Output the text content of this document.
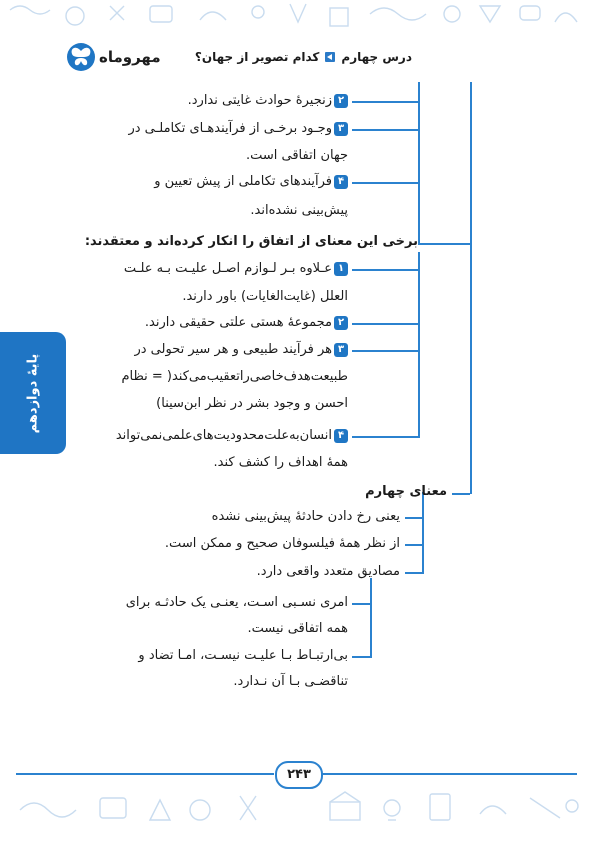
مهروماه	درس چهارم
کدام تصویر از جهان؟
پایهٔ دوازدهم
۲زنجیرهٔ حوادث غایتی ندارد.
۳وجـود برخـی از فرآیندهـای تکاملـی در
جهان اتفاقی است.
۴فرآیندهای تکاملی از پیش تعیین و
پیش‌بینی نشده‌اند.
برخی این معنای از اتفاق را انکار کرده‌اند و معتقدند:
۱عـلاوه بـر لـوازم اصـل علیـت بـه علـت
العلل (غایت‌الغایات) باور دارند.
۲مجموعهٔ هستی علتی حقیقی دارند.
۳هر فرآیند طبیعی و هر سیر تحولی در
طبیعت‌هدف‌خاصی‌را‌تعقیب‌می‌کند( = نظام
احسن و وجود بشر در نظر ابن‌سینا)
۴انسان‌به‌علت‌محدودیت‌های‌علمی‌نمی‌تواند
همهٔ اهداف را کشف کند.
معنای چهارم
یعنی رخ دادن حادثهٔ پیش‌بینی نشده
از نظر همهٔ فیلسوفان صحیح و ممکن است.
مصادیق متعدد واقعی دارد.
امری نسـبی اسـت، یعنـی یک حادثـه برای
همه اتفاقی نیست.
بی‌ارتبـاط بـا علیـت نیسـت، امـا تضاد و
تناقضـی بـا آن نـدارد.
۲۴۳
